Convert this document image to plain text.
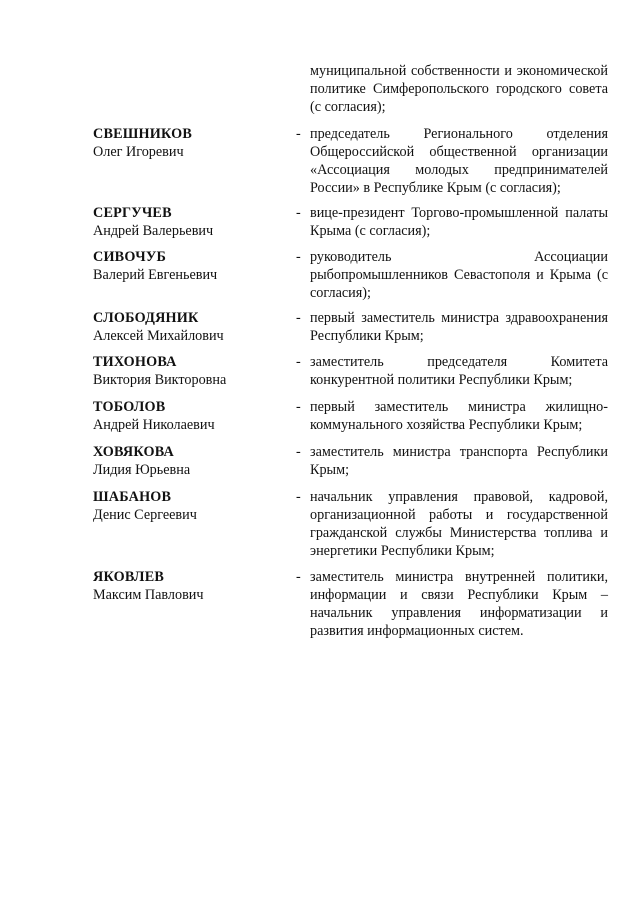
муниципальной собственности и экономической политике Симферопольского городского совета (с согласия);
СВЕШНИКОВ
Олег Игоревич
- председатель Регионального отделения Общероссийской общественной организации «Ассоциация молодых предпринимателей России» в Республике Крым (с согласия);
СЕРГУЧЕВ
Андрей Валерьевич
- вице-президент Торгово-промышленной палаты Крыма (с согласия);
СИВОЧУБ
Валерий Евгеньевич
- руководитель Ассоциации рыбопромышленников Севастополя и Крыма (с согласия);
СЛОБОДЯНИК
Алексей Михайлович
- первый заместитель министра здравоохранения Республики Крым;
ТИХОНОВА
Виктория Викторовна
- заместитель председателя Комитета конкурентной политики Республики Крым;
ТОБОЛОВ
Андрей Николаевич
- первый заместитель министра жилищно-коммунального хозяйства Республики Крым;
ХОВЯКОВА
Лидия Юрьевна
- заместитель министра транспорта Республики Крым;
ШАБАНОВ
Денис Сергеевич
- начальник управления правовой, кадровой, организационной работы и государственной гражданской службы Министерства топлива и энергетики Республики Крым;
ЯКОВЛЕВ
Максим Павлович
- заместитель министра внутренней политики, информации и связи Республики Крым – начальник управления информатизации и развития информационных систем.
